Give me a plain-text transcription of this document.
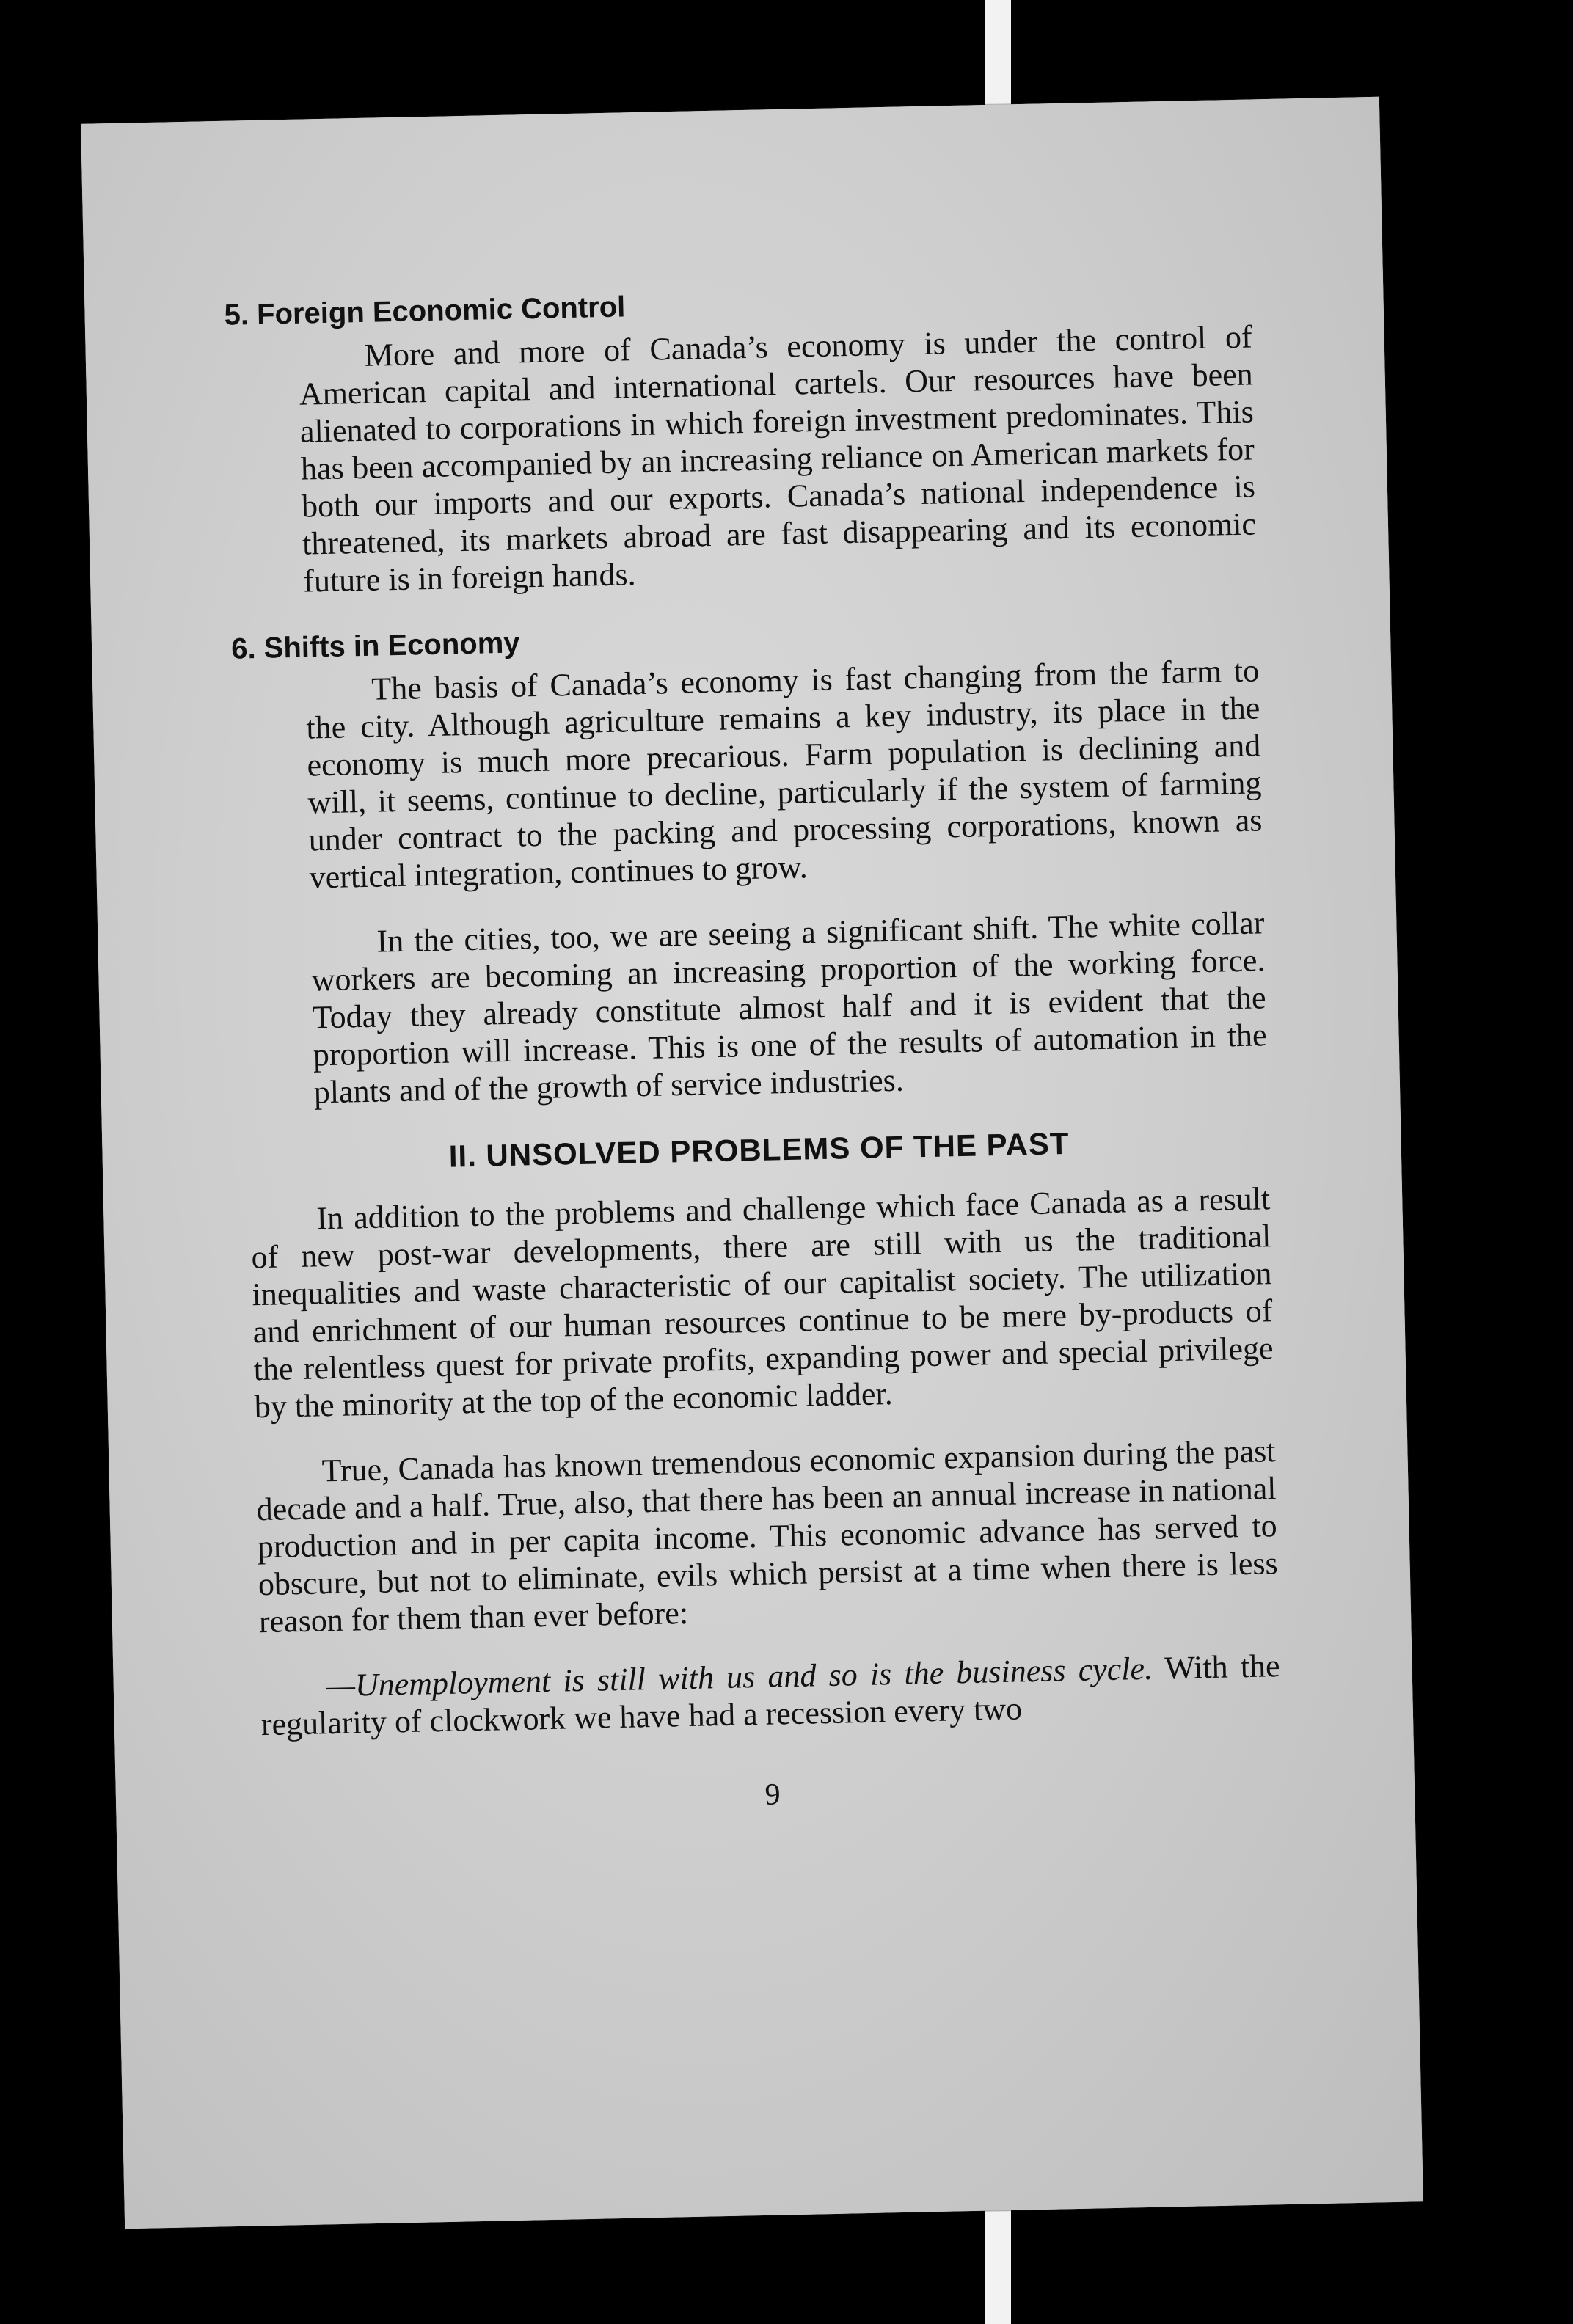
5. Foreign Economic Control

More and more of Canada’s economy is under the control of American capital and international cartels. Our resources have been alienated to corporations in which foreign investment predominates. This has been accompanied by an increasing reliance on American markets for both our imports and our exports. Canada’s national independence is threatened, its markets abroad are fast disappearing and its economic future is in foreign hands.

6. Shifts in Economy

The basis of Canada’s economy is fast changing from the farm to the city. Although agriculture remains a key industry, its place in the economy is much more precarious. Farm population is declining and will, it seems, continue to decline, particularly if the system of farming under contract to the packing and processing corporations, known as vertical integration, continues to grow.

In the cities, too, we are seeing a significant shift. The white collar workers are becoming an increasing proportion of the working force. Today they already constitute almost half and it is evident that the proportion will increase. This is one of the results of automation in the plants and of the growth of service industries.

II. UNSOLVED PROBLEMS OF THE PAST

In addition to the problems and challenge which face Canada as a result of new post-war developments, there are still with us the traditional inequalities and waste characteristic of our capitalist society. The utilization and enrichment of our human resources continue to be mere by-products of the relentless quest for private profits, expanding power and special privilege by the minority at the top of the economic ladder.

True, Canada has known tremendous economic expansion during the past decade and a half. True, also, that there has been an annual increase in national production and in per capita income. This economic advance has served to obscure, but not to eliminate, evils which persist at a time when there is less reason for them than ever before:

—Unemployment is still with us and so is the business cycle. With the regularity of clockwork we have had a recession every two

9
